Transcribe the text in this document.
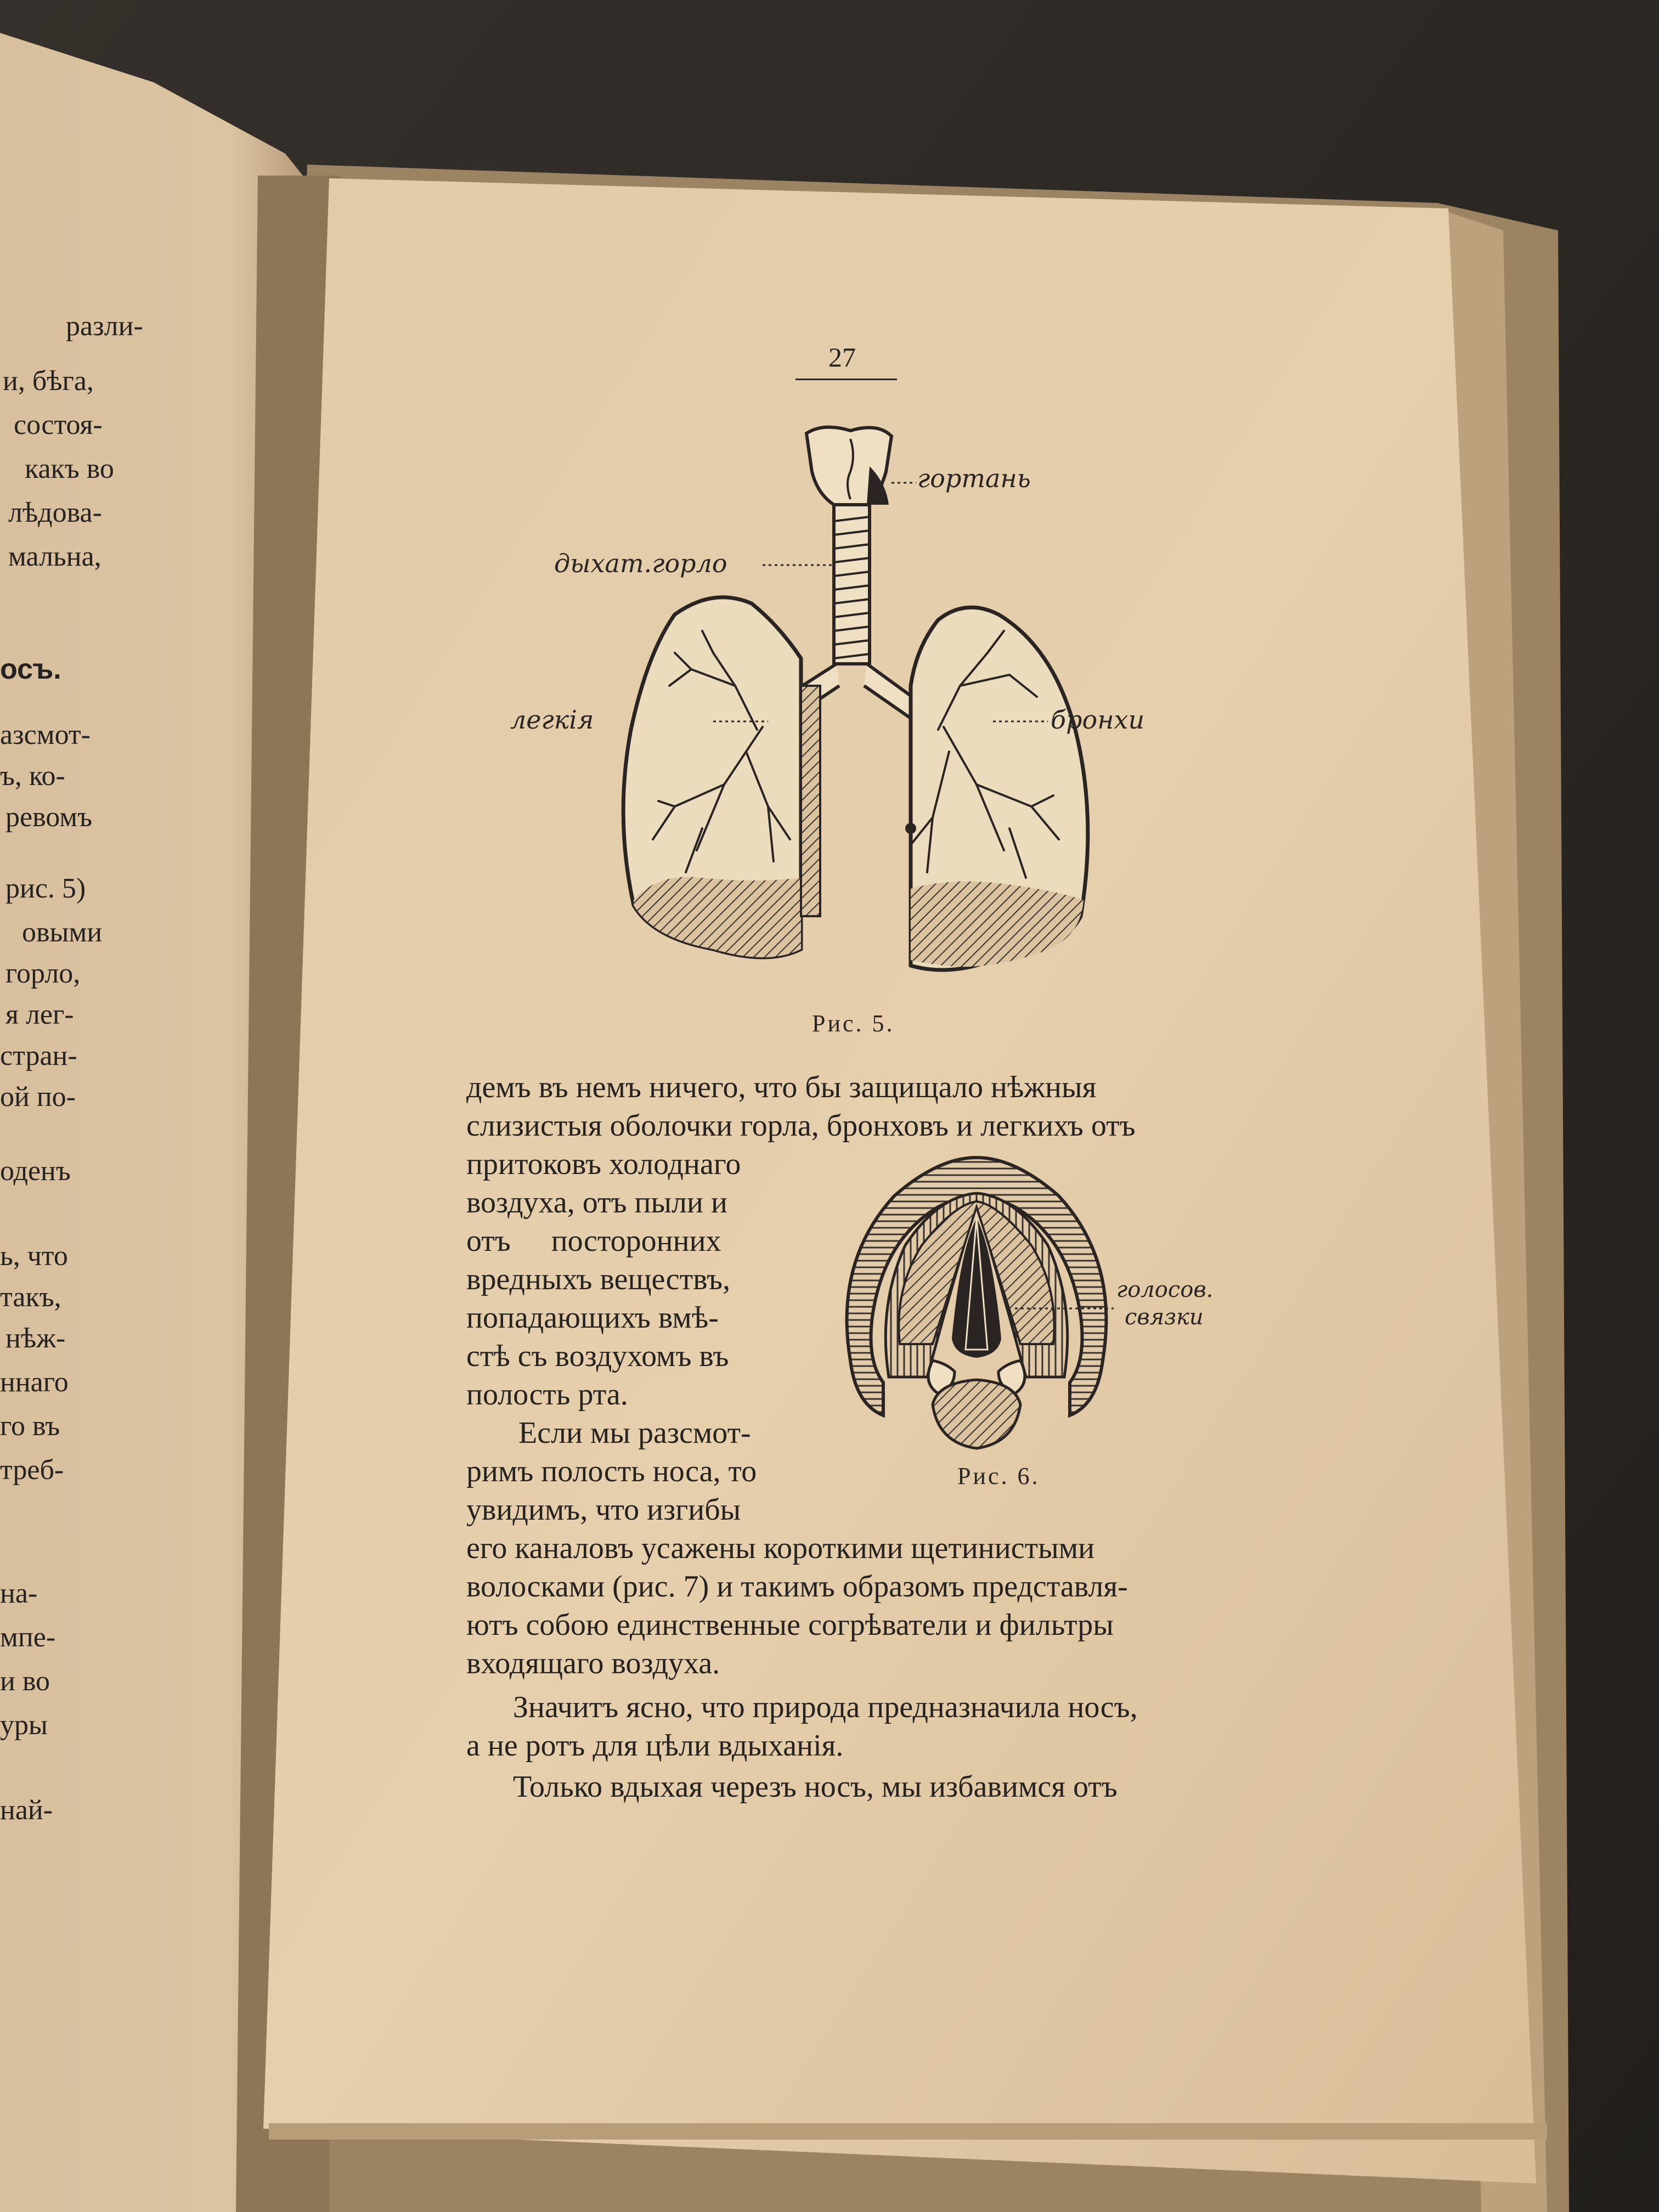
разли-
и, бѣга,
состоя-
какъ во
лѣдова-
мальна,
осъ.
азсмот-
ъ, ко-
ревомъ
рис. 5)
овыми
горло,
я лег-
стран-
ой по-
оденъ
ь, что
такъ,
нѣж-
ннаго
го въ
треб-
на-
мпе-
и во
уры
най-
27
гортань
дыхат.горло
легкія	бронхи
Рис. 5.
демъ въ немъ ничего, что бы защищало нѣжныя
слизистыя оболочки горла, бронховъ и легкихъ отъ
притоковъ холоднаго
воздуха, отъ пыли и
отъ посторонних
вредныхъ веществъ,
попадающихъ вмѣ-
стѣ съ воздухомъ въ
полость рта.
Если мы разсмот-
римъ полость носа, то
увидимъ, что изгибы
голосов.
связки
Рис. 6.
его каналовъ усажены короткими щетинистыми
волосками (рис. 7) и такимъ образомъ представля-
ютъ собою единственные согрѣватели и фильтры
входящаго воздуха.
Значитъ ясно, что природа предназначила носъ,
а не ротъ для цѣли вдыханія.
Только вдыхая черезъ носъ, мы избавимся отъ
